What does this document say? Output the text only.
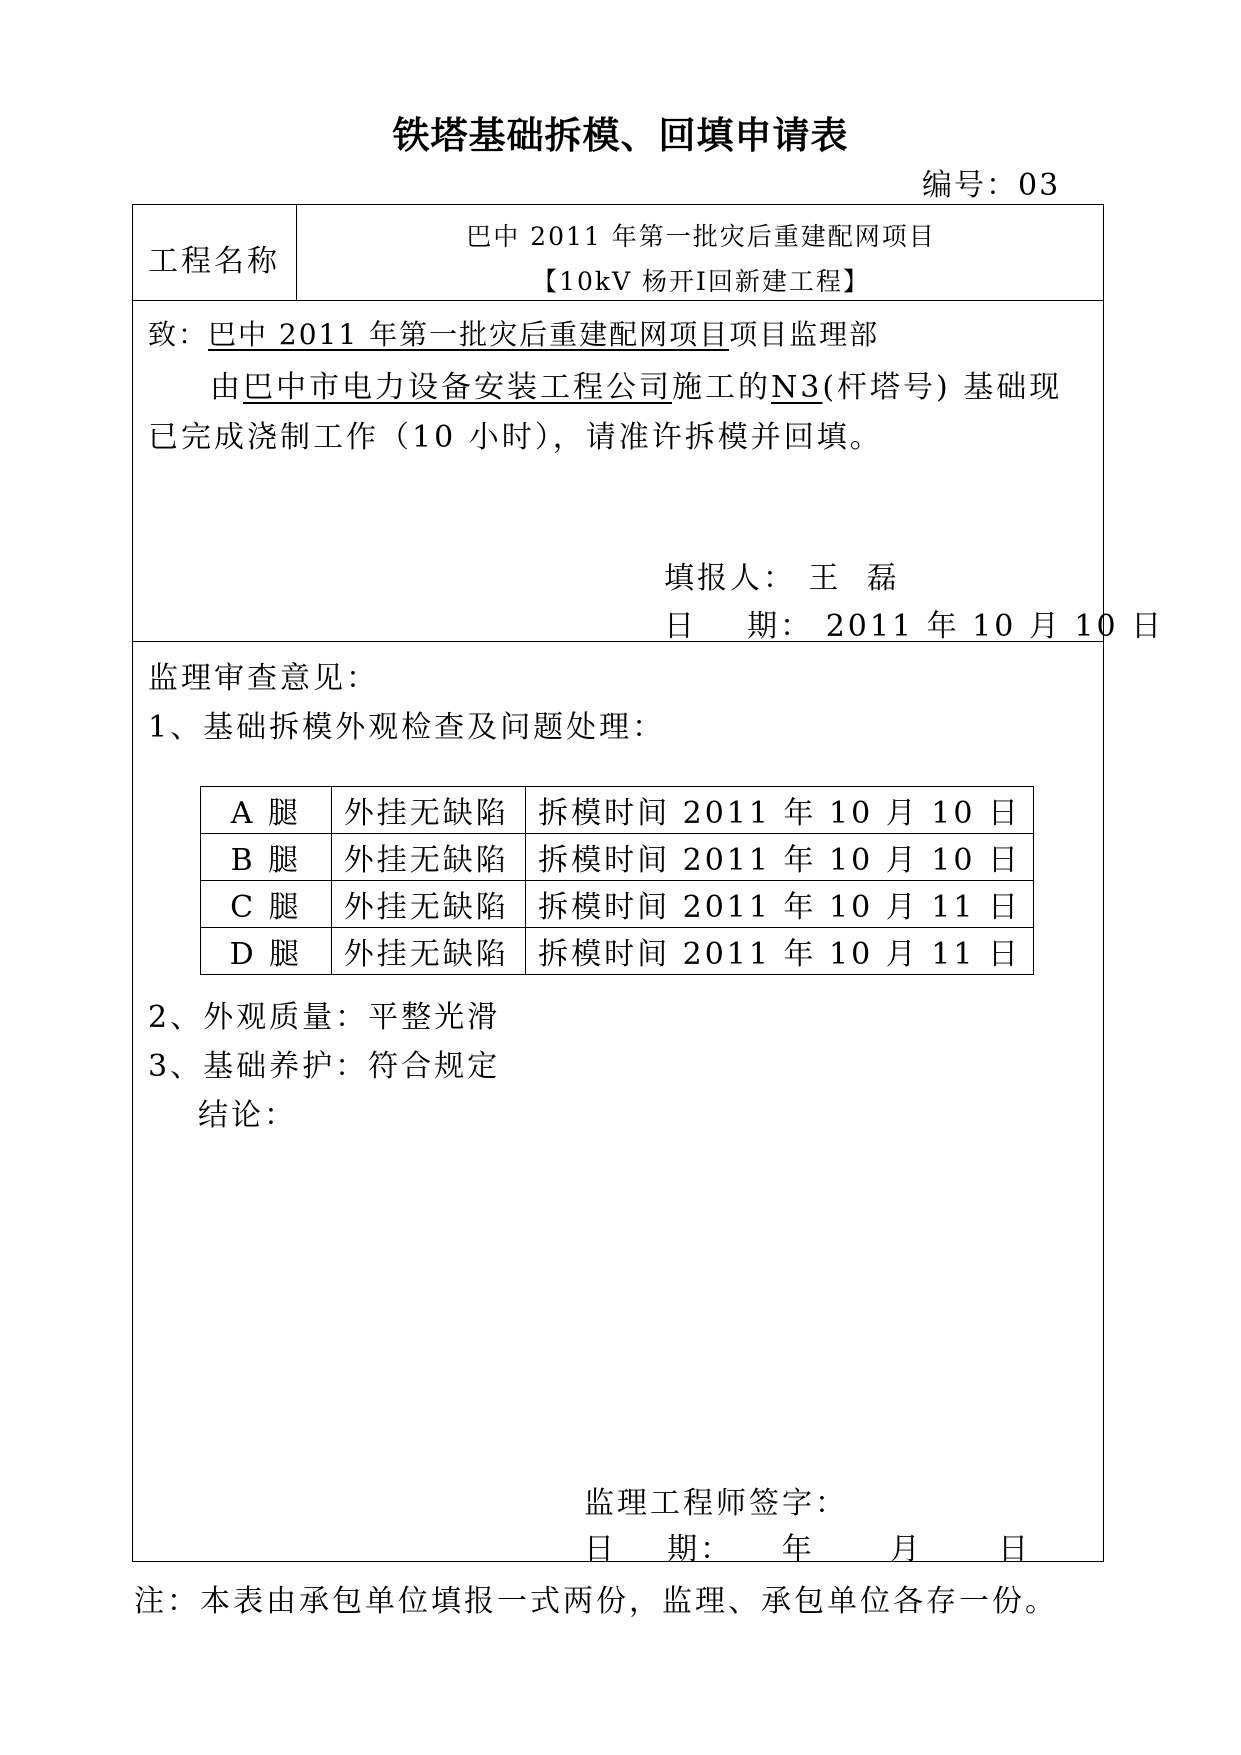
铁塔基础拆模、回填申请表
编号：03
工程名称
巴中 2011 年第一批灾后重建配网项目
【10kV 杨开Ⅰ回新建工程】
致：巴中 2011 年第一批灾后重建配网项目项目监理部
由巴中市电力设备安装工程公司施工的N3(杆塔号) 基础现
已完成浇制工作（10 小时），请准许拆模并回填。
填报人： 王  磊
日    期： 2011 年 10 月 10 日
监理审查意见：
1、基础拆模外观检查及问题处理：
A 腿	外挂无缺陷	拆模时间 2011 年 10 月 10 日
B 腿	外挂无缺陷	拆模时间 2011 年 10 月 10 日
C 腿	外挂无缺陷	拆模时间 2011 年 10 月 11 日
D 腿	外挂无缺陷	拆模时间 2011 年 10 月 11 日
2、外观质量：平整光滑
3、基础养护：符合规定
结论：
监理工程师签字：
日    期： 年      月      日
注：本表由承包单位填报一式两份，监理、承包单位各存一份。
